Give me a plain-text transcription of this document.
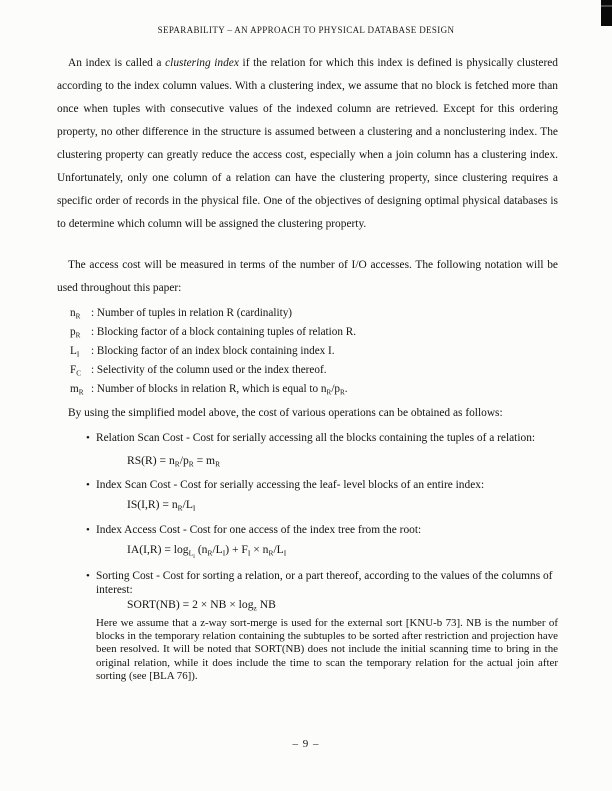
SEPARABILITY – AN APPROACH TO PHYSICAL DATABASE DESIGN
An index is called a clustering index if the relation for which this index is defined is physically clustered according to the index column values. With a clustering index, we assume that no block is fetched more than once when tuples with consecutive values of the indexed column are retrieved. Except for this ordering property, no other difference in the structure is assumed between a clustering and a nonclustering index. The clustering property can greatly reduce the access cost, especially when a join column has a clustering index. Unfortunately, only one column of a relation can have the clustering property, since clustering requires a specific order of records in the physical file. One of the objectives of designing optimal physical databases is to determine which column will be assigned the clustering property.
The access cost will be measured in terms of the number of I/O accesses. The following notation will be used throughout this paper:
$n_R$ : Number of tuples in relation R (cardinality)
$p_R$ : Blocking factor of a block containing tuples of relation R.
$L_I$ : Blocking factor of an index block containing index I.
$F_C$ : Selectivity of the column used or the index thereof.
$m_R$ : Number of blocks in relation R, which is equal to $n_R/p_R$.
By using the simplified model above, the cost of various operations can be obtained as follows:
• Relation Scan Cost - Cost for serially accessing all the blocks containing the tuples of a relation:
$RS(R) = n_R/p_R = m_R$
• Index Scan Cost - Cost for serially accessing the leaf- level blocks of an entire index:
$IS(I,R) = n_R/L_I$
• Index Access Cost - Cost for one access of the index tree from the root:
$IA(I,R) = \log_{LI} (n_R/L_I) + F_I \times n_R/L_I$
• Sorting Cost - Cost for sorting a relation, or a part thereof, according to the values of the columns of interest:
SORT(NB) = 2 × NB × $\log_z$ NB
Here we assume that a z-way sort-merge is used for the external sort [KNU-b 73]. NB is the number of blocks in the temporary relation containing the subtuples to be sorted after restriction and projection have been resolved. It will be noted that SORT(NB) does not include the initial scanning time to bring in the original relation, while it does include the time to scan the temporary relation for the actual join after sorting (see [BLA 76]).
– 9 –
